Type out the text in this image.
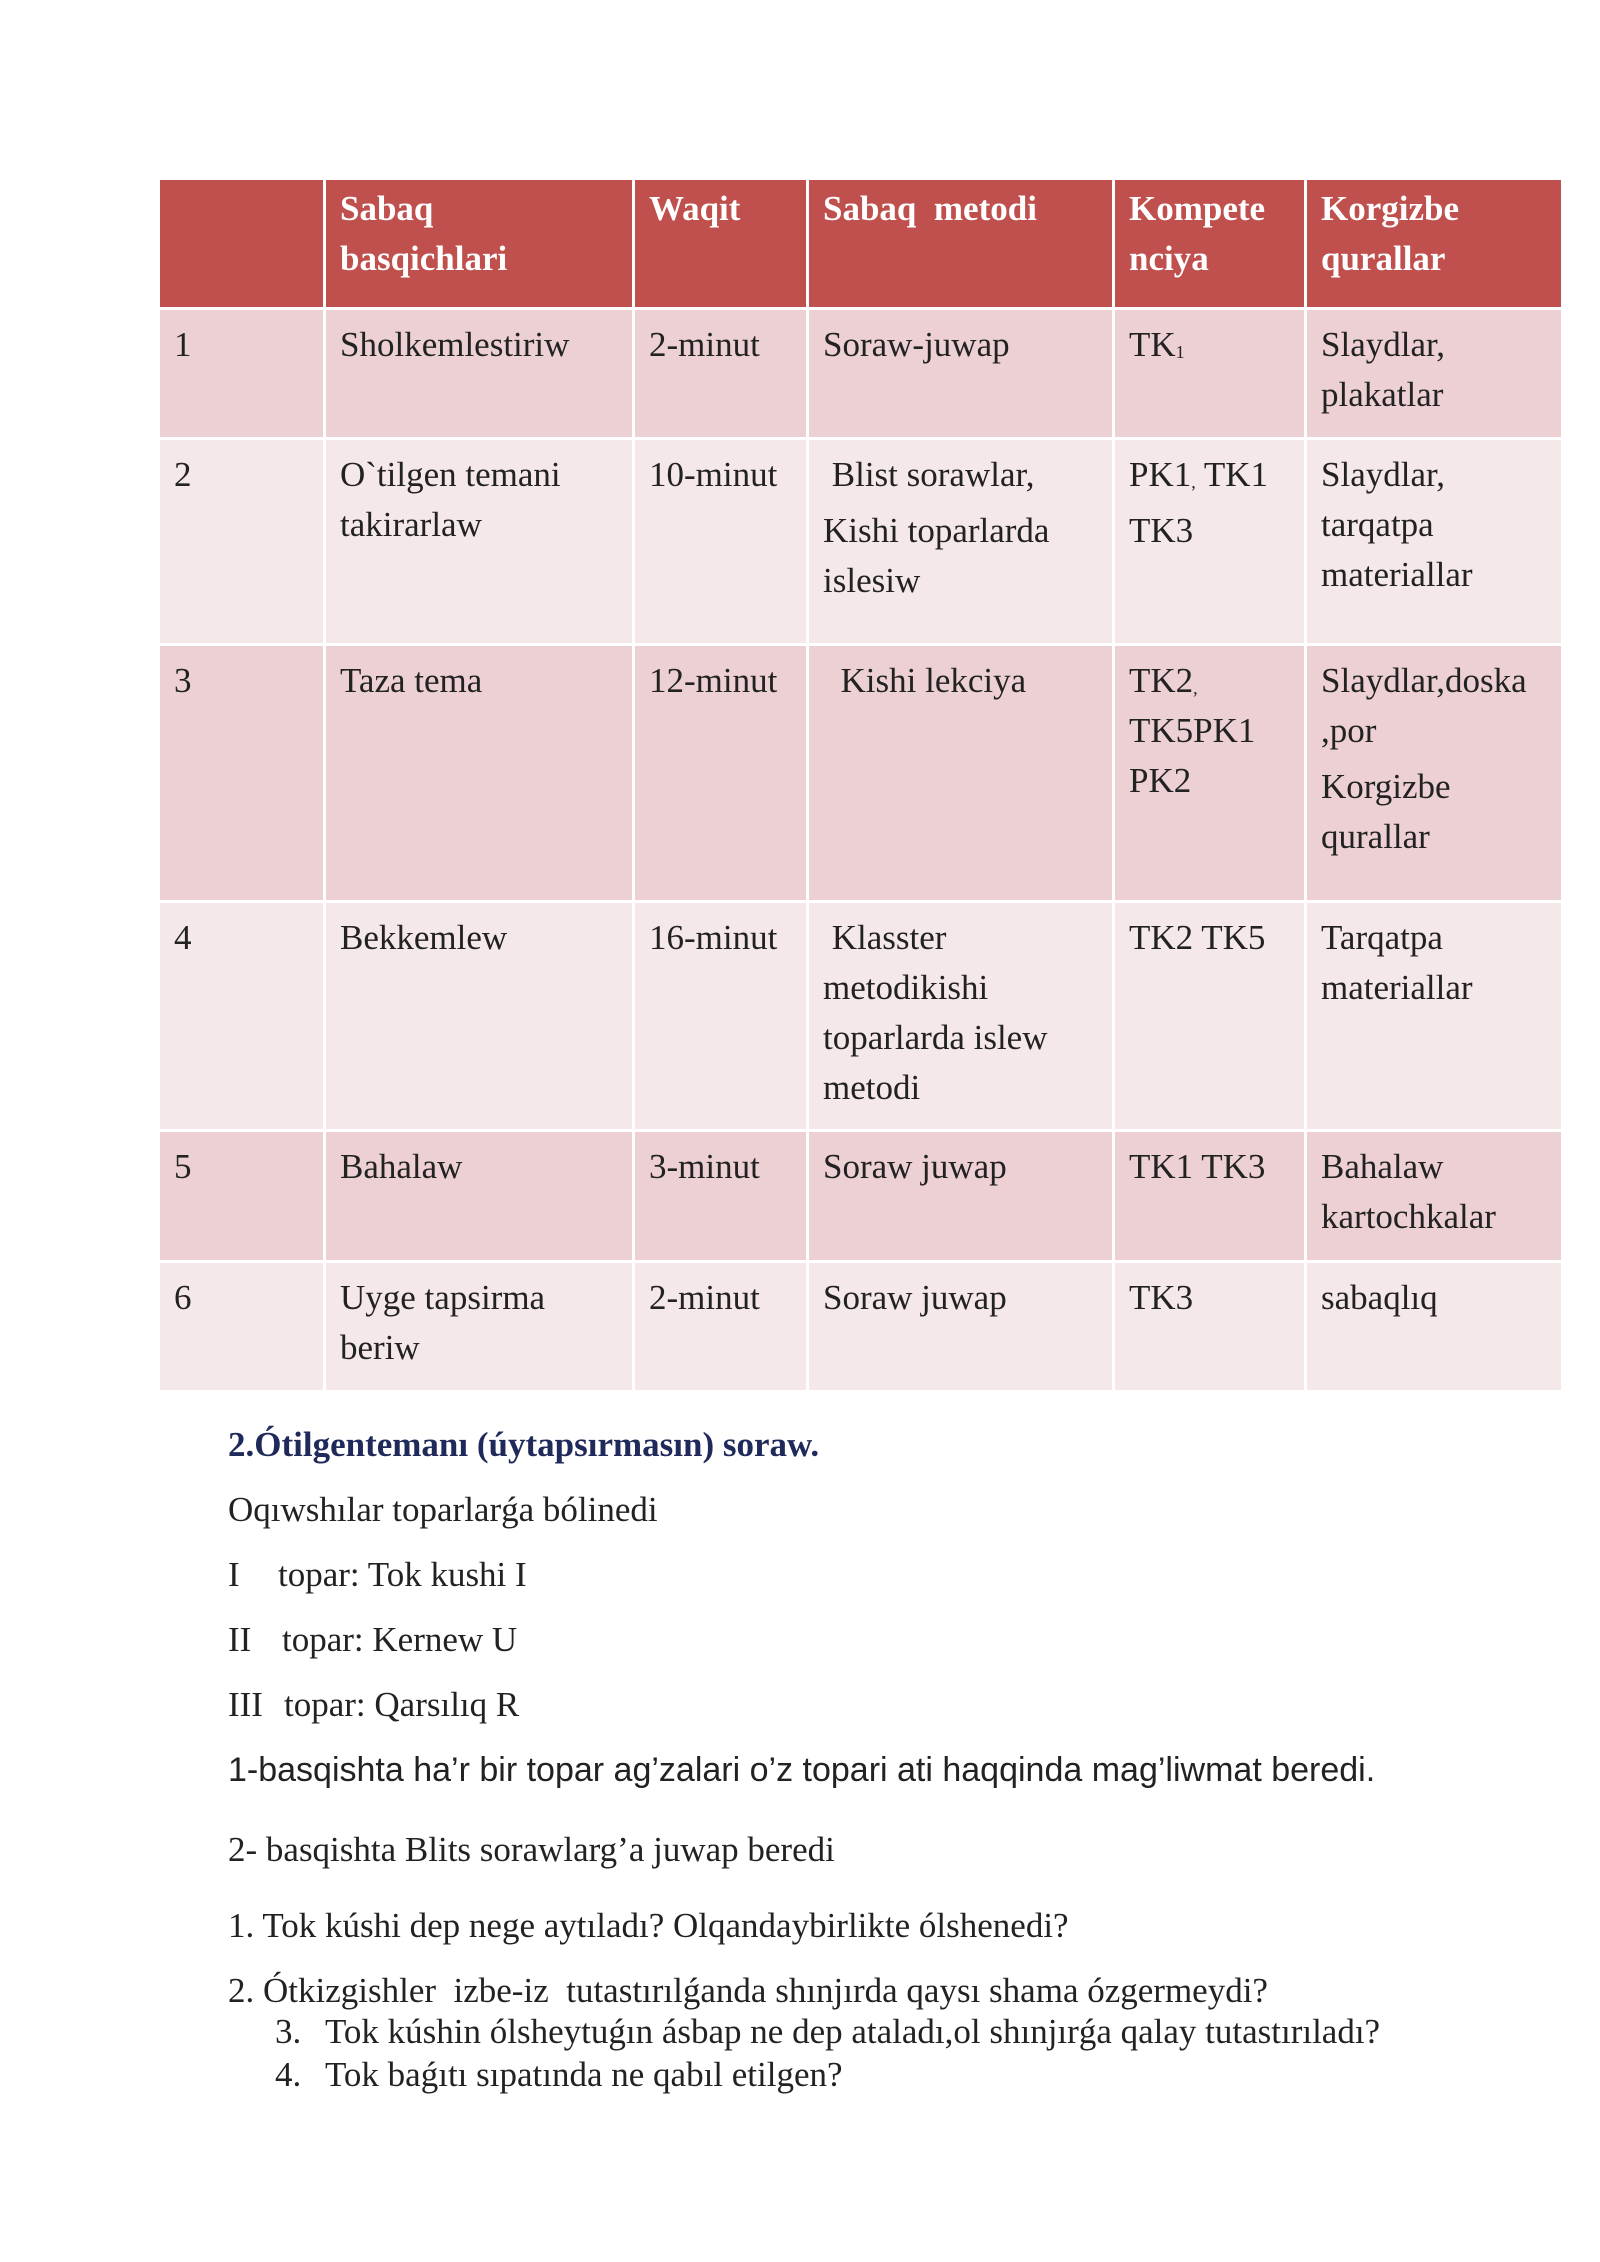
	Sabaq
basqichlari	Waqit	Sabaq  metodi	Kompete
nciya	Korgizbe
qurallar

1	Sholkemlestiriw	2-minut	Soraw-juwap	$TK_1$	Slaydlar,
plakatlar

2	O`tilgen temani
takirarlaw	10-minut	Blist sorawlar,
Kishi toparlarda
islesiw	$PK1_,$ TK1
TK3	Slaydlar,
tarqatpa
materiallar

3	Taza tema	12-minut	Kishi lekciya	$TK2_,$
TK5PK1
PK2	Slaydlar,doska
,por
Korgizbe
qurallar

4	Bekkemlew	16-minut	Klasster
metodikishi
toparlarda islew
metodi	TK2 TK5	Tarqatpa
materiallar

5	Bahalaw	3-minut	Soraw juwap	TK1 TK3	Bahalaw
kartochkalar

6	Uyge tapsirma
beriw	2-minut	Soraw juwap	TK3	sabaqlıq
2.Ótilgentemanı (úytapsırmasın) soraw.
Oqıwshılar toparlarǵa bólinedi
I topar: Tok kushi I
II topar: Kernew U
III topar: Qarsılıq R
1-basqishta ha’r bir topar ag’zalari o’z topari ati haqqinda mag’liwmat beredi.
2- basqishta Blits sorawlarg’a juwap beredi
1. Tok kúshi dep nege aytıladı? Olqandaybirlikte ólshenedi?
2. Ótkizgishler  izbe-iz  tutastırılǵanda shınjırda qaysı shama ózgermeydi?
3. Tok kúshin ólsheytuǵın ásbap ne dep ataladı,ol shınjırǵa qalay tutastırıladı?
4. Tok baǵıtı sıpatında ne qabıl etilgen?
